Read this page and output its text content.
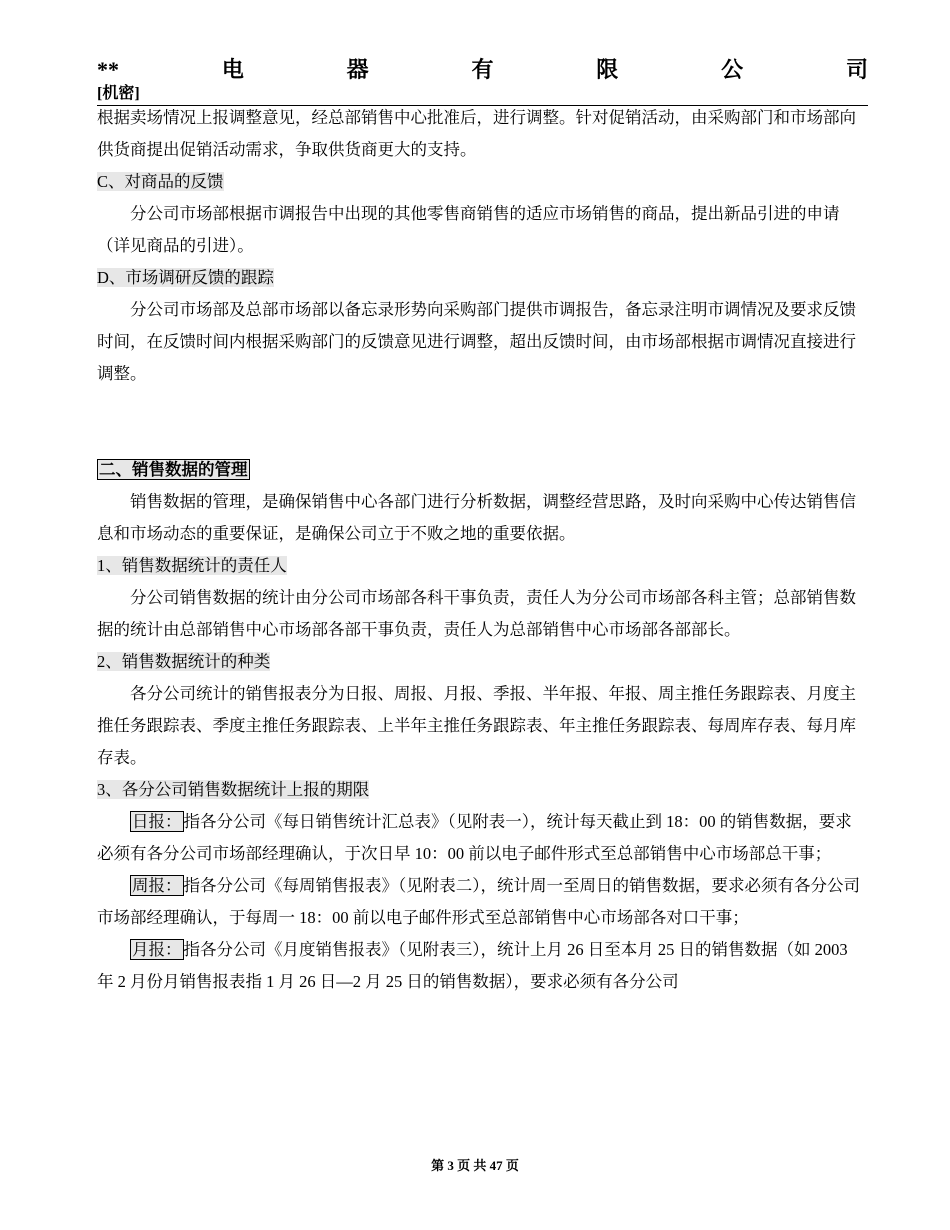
**	电	器	有	限	公	司
[机密]

根据卖场情况上报调整意见，经总部销售中心批准后，进行调整。针对促销活动，由采购部门和市场部向供货商提出促销活动需求，争取供货商更大的支持。

C、对商品的反馈

分公司市场部根据市调报告中出现的其他零售商销售的适应市场销售的商品，提出新品引进的申请（详见商品的引进）。

D、市场调研反馈的跟踪

分公司市场部及总部市场部以备忘录形势向采购部门提供市调报告，备忘录注明市调情况及要求反馈时间，在反馈时间内根据采购部门的反馈意见进行调整，超出反馈时间，由市场部根据市调情况直接进行调整。

二、销售数据的管理

销售数据的管理，是确保销售中心各部门进行分析数据，调整经营思路，及时向采购中心传达销售信息和市场动态的重要保证，是确保公司立于不败之地的重要依据。

1、销售数据统计的责任人

分公司销售数据的统计由分公司市场部各科干事负责，责任人为分公司市场部各科主管；总部销售数据的统计由总部销售中心市场部各部干事负责，责任人为总部销售中心市场部各部部长。

2、销售数据统计的种类

各分公司统计的销售报表分为日报、周报、月报、季报、半年报、年报、周主推任务跟踪表、月度主推任务跟踪表、季度主推任务跟踪表、上半年主推任务跟踪表、年主推任务跟踪表、每周库存表、每月库存表。

3、各分公司销售数据统计上报的期限

日报： 指各分公司《每日销售统计汇总表》（见附表一），统计每天截止到 18：00 的销售数据，要求必须有各分公司市场部经理确认，于次日早 10：00 前以电子邮件形式至总部销售中心市场部总干事；

周报： 指各分公司《每周销售报表》（见附表二），统计周一至周日的销售数据，要求必须有各分公司市场部经理确认，于每周一 18：00 前以电子邮件形式至总部销售中心市场部各对口干事；

月报： 指各分公司《月度销售报表》（见附表三），统计上月 26 日至本月 25 日的销售数据（如 2003 年 2 月份月销售报表指 1 月 26 日—2 月 25 日的销售数据），要求必须有各分公司

第 3 页 共 47 页
